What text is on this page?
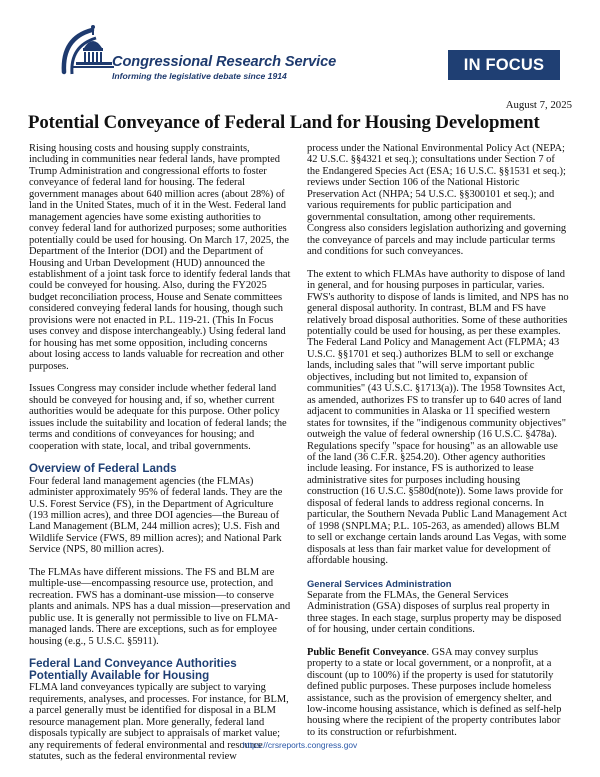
Congressional Research Service
Informing the legislative debate since 1914
IN FOCUS
August 7, 2025
Potential Conveyance of Federal Land for Housing Development

Rising housing costs and housing supply constraints, including in communities near federal lands, have prompted Trump Administration and congressional efforts to foster conveyance of federal land for housing. The federal government manages about 640 million acres (about 28%) of land in the United States, much of it in the West. Federal land management agencies have some existing authorities to convey federal land for authorized purposes; some authorities potentially could be used for housing. On March 17, 2025, the Department of the Interior (DOI) and the Department of Housing and Urban Development (HUD) announced the establishment of a joint task force to identify federal lands that could be conveyed for housing. Also, during the FY2025 budget reconciliation process, House and Senate committees considered conveying federal lands for housing, though such provisions were not enacted in P.L. 119-21. (This In Focus uses convey and dispose interchangeably.) Using federal land for housing has met some opposition, including concerns about losing access to lands valuable for recreation and other purposes.

Issues Congress may consider include whether federal land should be conveyed for housing and, if so, whether current authorities would be adequate for this purpose. Other policy issues include the suitability and location of federal lands; the terms and conditions of conveyances for housing; and cooperation with state, local, and tribal governments.

Overview of Federal Lands

Four federal land management agencies (the FLMAs) administer approximately 95% of federal lands. They are the U.S. Forest Service (FS), in the Department of Agriculture (193 million acres), and three DOI agencies—the Bureau of Land Management (BLM, 244 million acres); U.S. Fish and Wildlife Service (FWS, 89 million acres); and National Park Service (NPS, 80 million acres).

The FLMAs have different missions. The FS and BLM are multiple-use—encompassing resource use, protection, and recreation. FWS has a dominant-use mission—to conserve plants and animals. NPS has a dual mission—preservation and public use. It is generally not permissible to live on FLMA-managed lands. There are exceptions, such as for employee housing (e.g., 5 U.S.C. §5911).

Federal Land Conveyance Authorities Potentially Available for Housing

FLMA land conveyances typically are subject to varying requirements, analyses, and processes. For instance, for BLM, a parcel generally must be identified for disposal in a BLM resource management plan. More generally, federal land disposals typically are subject to appraisals of market value; any requirements of federal environmental and resource statutes, such as the federal environmental review

process under the National Environmental Policy Act (NEPA; 42 U.S.C. §§4321 et seq.); consultations under Section 7 of the Endangered Species Act (ESA; 16 U.S.C. §§1531 et seq.); reviews under Section 106 of the National Historic Preservation Act (NHPA; 54 U.S.C. §§300101 et seq.); and various requirements for public participation and governmental consultation, among other requirements. Congress also considers legislation authorizing and governing the conveyance of parcels and may include particular terms and conditions for such conveyances.

The extent to which FLMAs have authority to dispose of land in general, and for housing purposes in particular, varies. FWS's authority to dispose of lands is limited, and NPS has no general disposal authority. In contrast, BLM and FS have relatively broad disposal authorities. Some of these authorities potentially could be used for housing, as per these examples. The Federal Land Policy and Management Act (FLPMA; 43 U.S.C. §§1701 et seq.) authorizes BLM to sell or exchange lands, including sales that "will serve important public objectives, including but not limited to, expansion of communities" (43 U.S.C. §1713(a)). The 1958 Townsites Act, as amended, authorizes FS to transfer up to 640 acres of land adjacent to communities in Alaska or 11 specified western states for townsites, if the "indigenous community objectives" outweigh the value of federal ownership (16 U.S.C. §478a). Regulations specify "space for housing" as an allowable use of the land (36 C.F.R. §254.20). Other agency authorities include leasing. For instance, FS is authorized to lease administrative sites for purposes including housing construction (16 U.S.C. §580d(note)). Some laws provide for disposal of federal lands to address regional concerns. In particular, the Southern Nevada Public Land Management Act of 1998 (SNPLMA; P.L. 105-263, as amended) allows BLM to sell or exchange certain lands around Las Vegas, with some disposals at less than fair market value for development of affordable housing.

General Services Administration

Separate from the FLMAs, the General Services Administration (GSA) disposes of surplus real property in three stages. In each stage, surplus property may be disposed of for housing, under certain conditions.

Public Benefit Conveyance. GSA may convey surplus property to a state or local government, or a nonprofit, at a discount (up to 100%) if the property is used for statutorily defined public purposes. These purposes include homeless assistance, such as the provision of emergency shelter, and low-income housing assistance, which is defined as self-help housing where the recipient of the property contributes labor to its construction or refurbishment.

https://crsreports.congress.gov
